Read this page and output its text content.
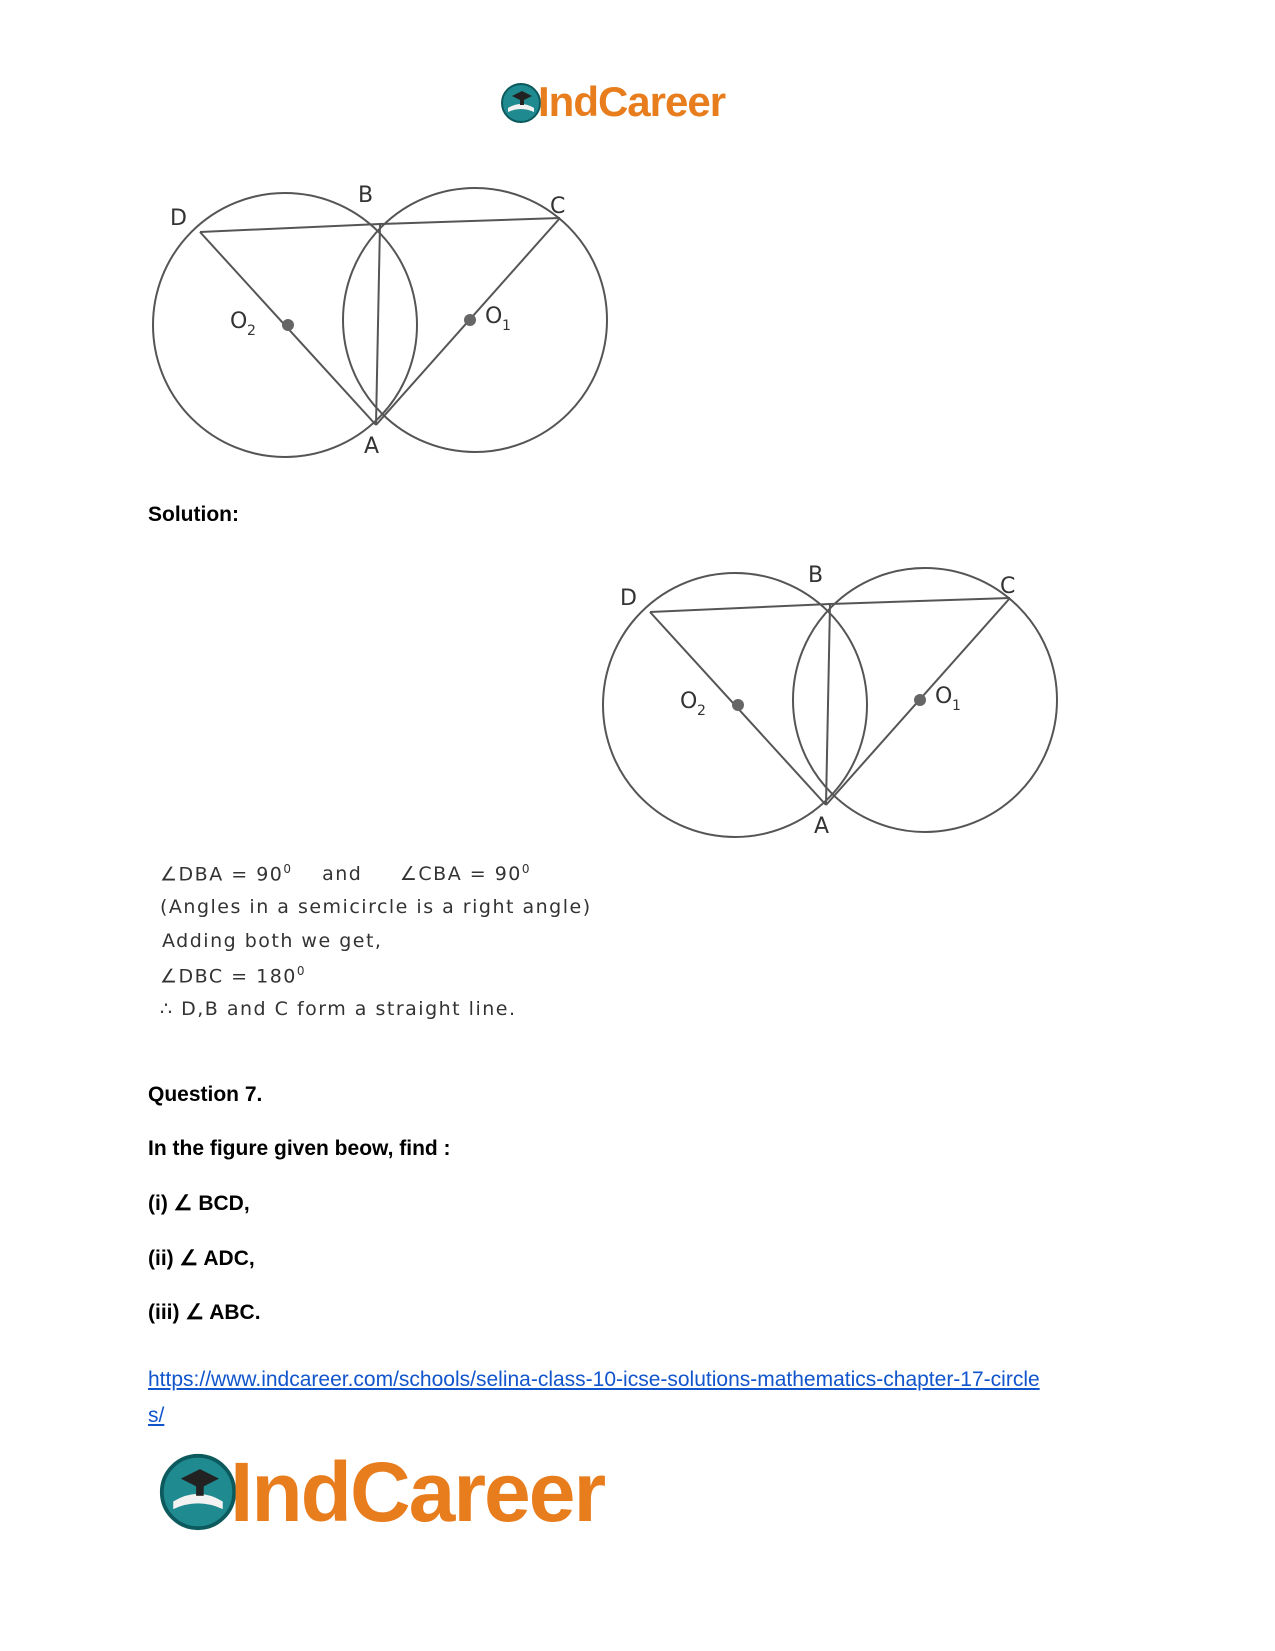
IndCareer
D
B	C
A
O 2
O 1
Solution:
D
B	C
A
O 2
O 1
∠DBA = $90^0$ and ∠CBA = $90^0$
(Angles in a semicircle is a right angle)
Adding both we get,
∠DBC = $180^0$
∴ D,B and C form a straight line.
Question 7.
In the figure given beow, find :
(i) ∠ BCD,
(ii) ∠ ADC,
(iii) ∠ ABC.
https://www.indcareer.com/schools/selina-class-10-icse-solutions-mathematics-chapter-17-circle
s/
IndCareer
